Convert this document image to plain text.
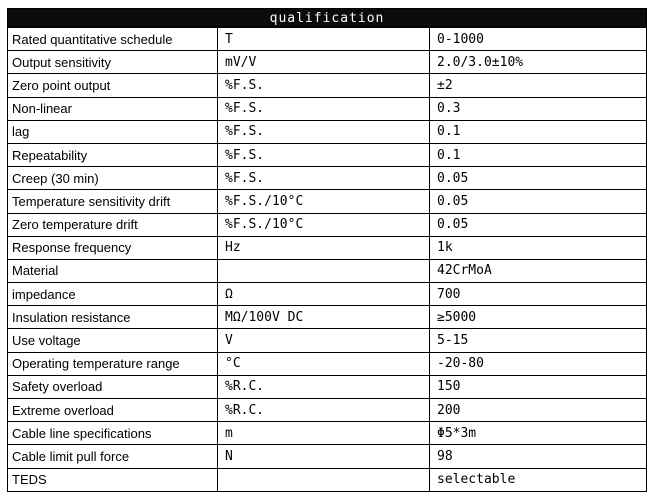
qualification		
Rated quantitative schedule	T	0-1000
Output sensitivity	mV/V	2.0/3.0±10%
Zero point output	%F.S.	±2
Non-linear	%F.S.	0.3
lag	%F.S.	0.1
Repeatability	%F.S.	0.1
Creep (30 min)	%F.S.	0.05
Temperature sensitivity drift	%F.S./10°C	0.05
Zero temperature drift	%F.S./10°C	0.05
Response frequency	Hz	1k
Material		42CrMoA
impedance	Ω	700
Insulation resistance	MΩ/100V DC	≥5000
Use voltage	V	5-15
Operating temperature range	°C	-20-80
Safety overload	%R.C.	150
Extreme overload	%R.C.	200
Cable line specifications	m	Φ5*3m
Cable limit pull force	N	98
TEDS		selectable
